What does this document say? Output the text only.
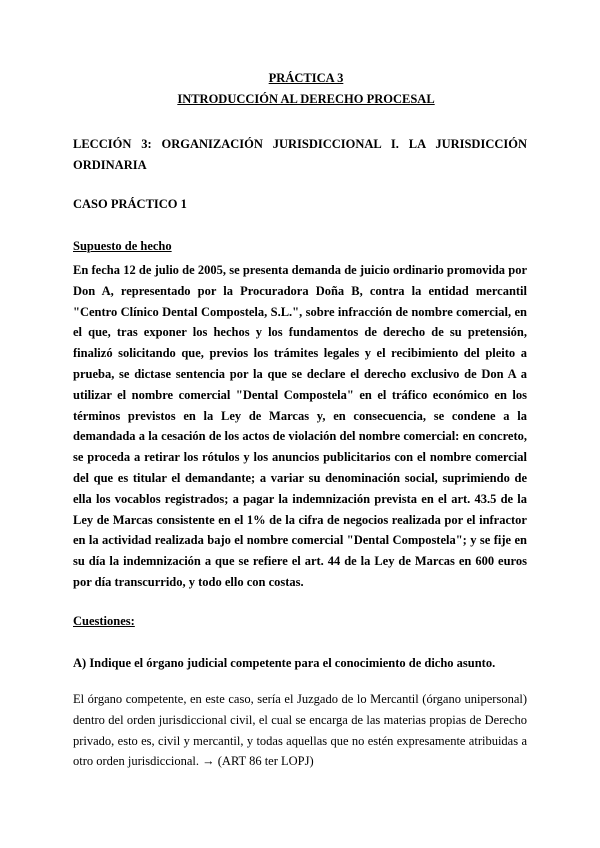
PRÁCTICA 3
INTRODUCCIÓN AL DERECHO PROCESAL
LECCIÓN 3: ORGANIZACIÓN JURISDICCIONAL I. LA JURISDICCIÓN ORDINARIA
CASO PRÁCTICO 1
Supuesto de hecho
En fecha 12 de julio de 2005, se presenta demanda de juicio ordinario promovida por Don A, representado por la Procuradora Doña B, contra la entidad mercantil "Centro Clínico Dental Compostela, S.L.", sobre infracción de nombre comercial, en el que, tras exponer los hechos y los fundamentos de derecho de su pretensión, finalizó solicitando que, previos los trámites legales y el recibimiento del pleito a prueba, se dictase sentencia por la que se declare el derecho exclusivo de Don A a utilizar el nombre comercial "Dental Compostela" en el tráfico económico en los términos previstos en la Ley de Marcas y, en consecuencia, se condene a la demandada a la cesación de los actos de violación del nombre comercial: en concreto, se proceda a retirar los rótulos y los anuncios publicitarios con el nombre comercial del que es titular el demandante; a variar su denominación social, suprimiendo de ella los vocablos registrados; a pagar la indemnización prevista en el art. 43.5 de la Ley de Marcas consistente en el 1% de la cifra de negocios realizada por el infractor en la actividad realizada bajo el nombre comercial "Dental Compostela"; y se fije en su día la indemnización a que se refiere el art. 44 de la Ley de Marcas en 600 euros por día transcurrido, y todo ello con costas.
Cuestiones:
A) Indique el órgano judicial competente para el conocimiento de dicho asunto.
El órgano competente, en este caso, sería el Juzgado de lo Mercantil (órgano unipersonal) dentro del orden jurisdiccional civil, el cual se encarga de las materias propias de Derecho privado, esto es, civil y mercantil, y todas aquellas que no estén expresamente atribuidas a otro orden jurisdiccional. → (ART 86 ter LOPJ)
